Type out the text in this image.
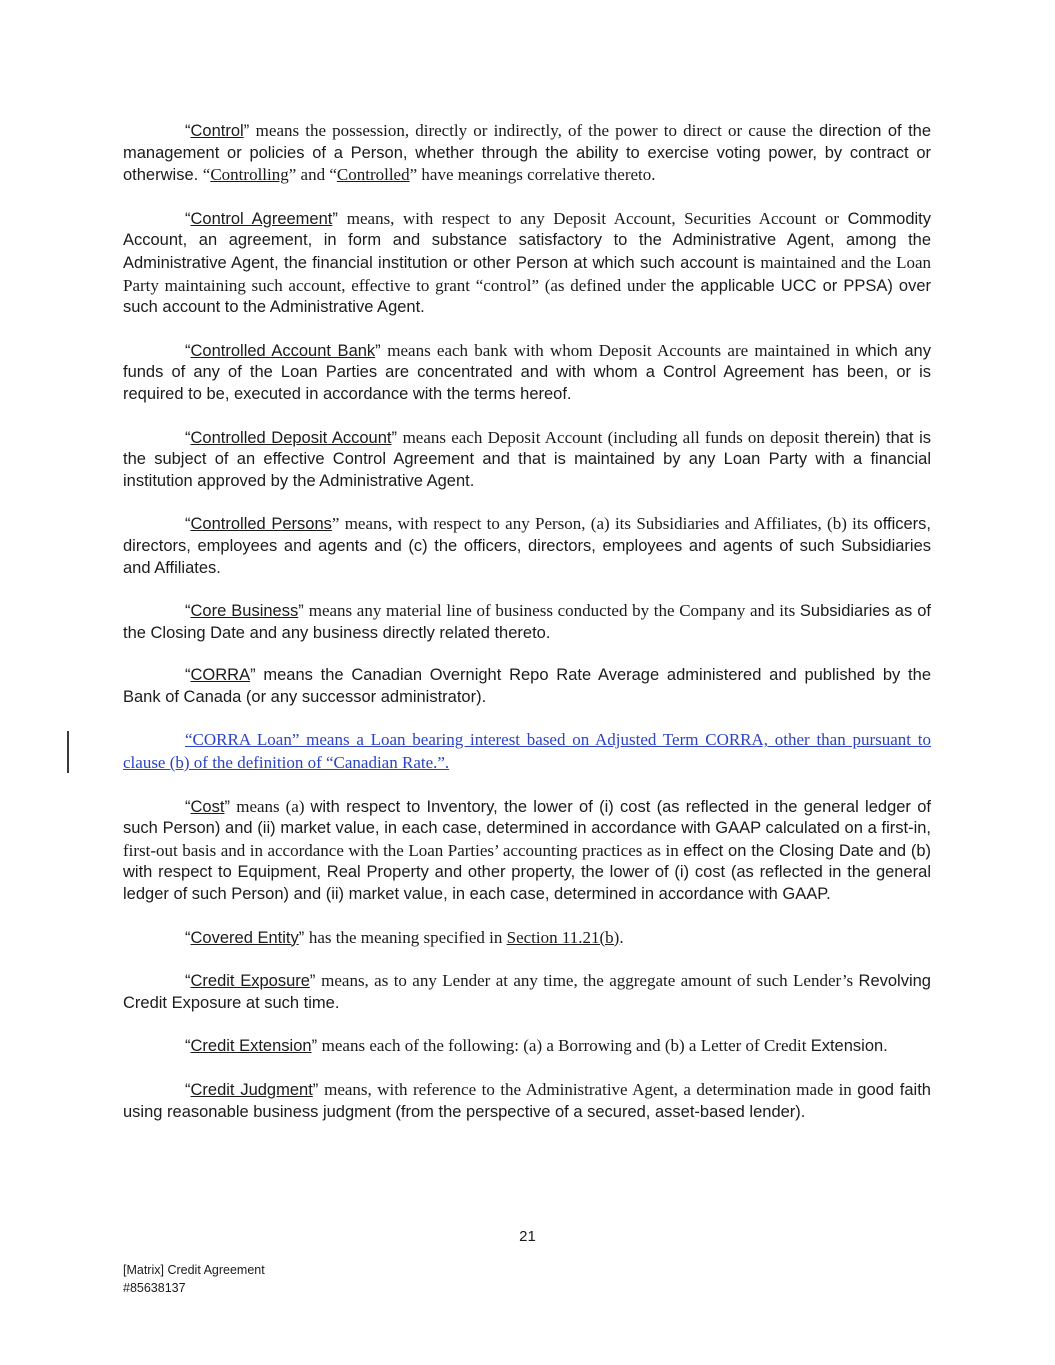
“Control” means the possession, directly or indirectly, of the power to direct or cause the direction of the management or policies of a Person, whether through the ability to exercise voting power, by contract or otherwise. “Controlling” and “Controlled” have meanings correlative thereto.

“Control Agreement” means, with respect to any Deposit Account, Securities Account or Commodity Account, an agreement, in form and substance satisfactory to the Administrative Agent, among the Administrative Agent, the financial institution or other Person at which such account is maintained and the Loan Party maintaining such account, effective to grant “control” (as defined under the applicable UCC or PPSA) over such account to the Administrative Agent.

“Controlled Account Bank” means each bank with whom Deposit Accounts are maintained in which any funds of any of the Loan Parties are concentrated and with whom a Control Agreement has been, or is required to be, executed in accordance with the terms hereof.

“Controlled Deposit Account” means each Deposit Account (including all funds on deposit therein) that is the subject of an effective Control Agreement and that is maintained by any Loan Party with a financial institution approved by the Administrative Agent.

“Controlled Persons” means, with respect to any Person, (a) its Subsidiaries and Affiliates, (b) its officers, directors, employees and agents and (c) the officers, directors, employees and agents of such Subsidiaries and Affiliates.

“Core Business” means any material line of business conducted by the Company and its Subsidiaries as of the Closing Date and any business directly related thereto.

“CORRA” means the Canadian Overnight Repo Rate Average administered and published by the Bank of Canada (or any successor administrator).

“CORRA Loan” means a Loan bearing interest based on Adjusted Term CORRA, other than pursuant to clause (b) of the definition of “Canadian Rate.”.

“Cost” means (a) with respect to Inventory, the lower of (i) cost (as reflected in the general ledger of such Person) and (ii) market value, in each case, determined in accordance with GAAP calculated on a first-in, first-out basis and in accordance with the Loan Parties’ accounting practices as in effect on the Closing Date and (b) with respect to Equipment, Real Property and other property, the lower of (i) cost (as reflected in the general ledger of such Person) and (ii) market value, in each case, determined in accordance with GAAP.

“Covered Entity” has the meaning specified in Section 11.21(b).

“Credit Exposure” means, as to any Lender at any time, the aggregate amount of such Lender’s Revolving Credit Exposure at such time.

“Credit Extension” means each of the following: (a) a Borrowing and (b) a Letter of Credit Extension.

“Credit Judgment” means, with reference to the Administrative Agent, a determination made in good faith using reasonable business judgment (from the perspective of a secured, asset-based lender).

21
[Matrix] Credit Agreement
#85638137
